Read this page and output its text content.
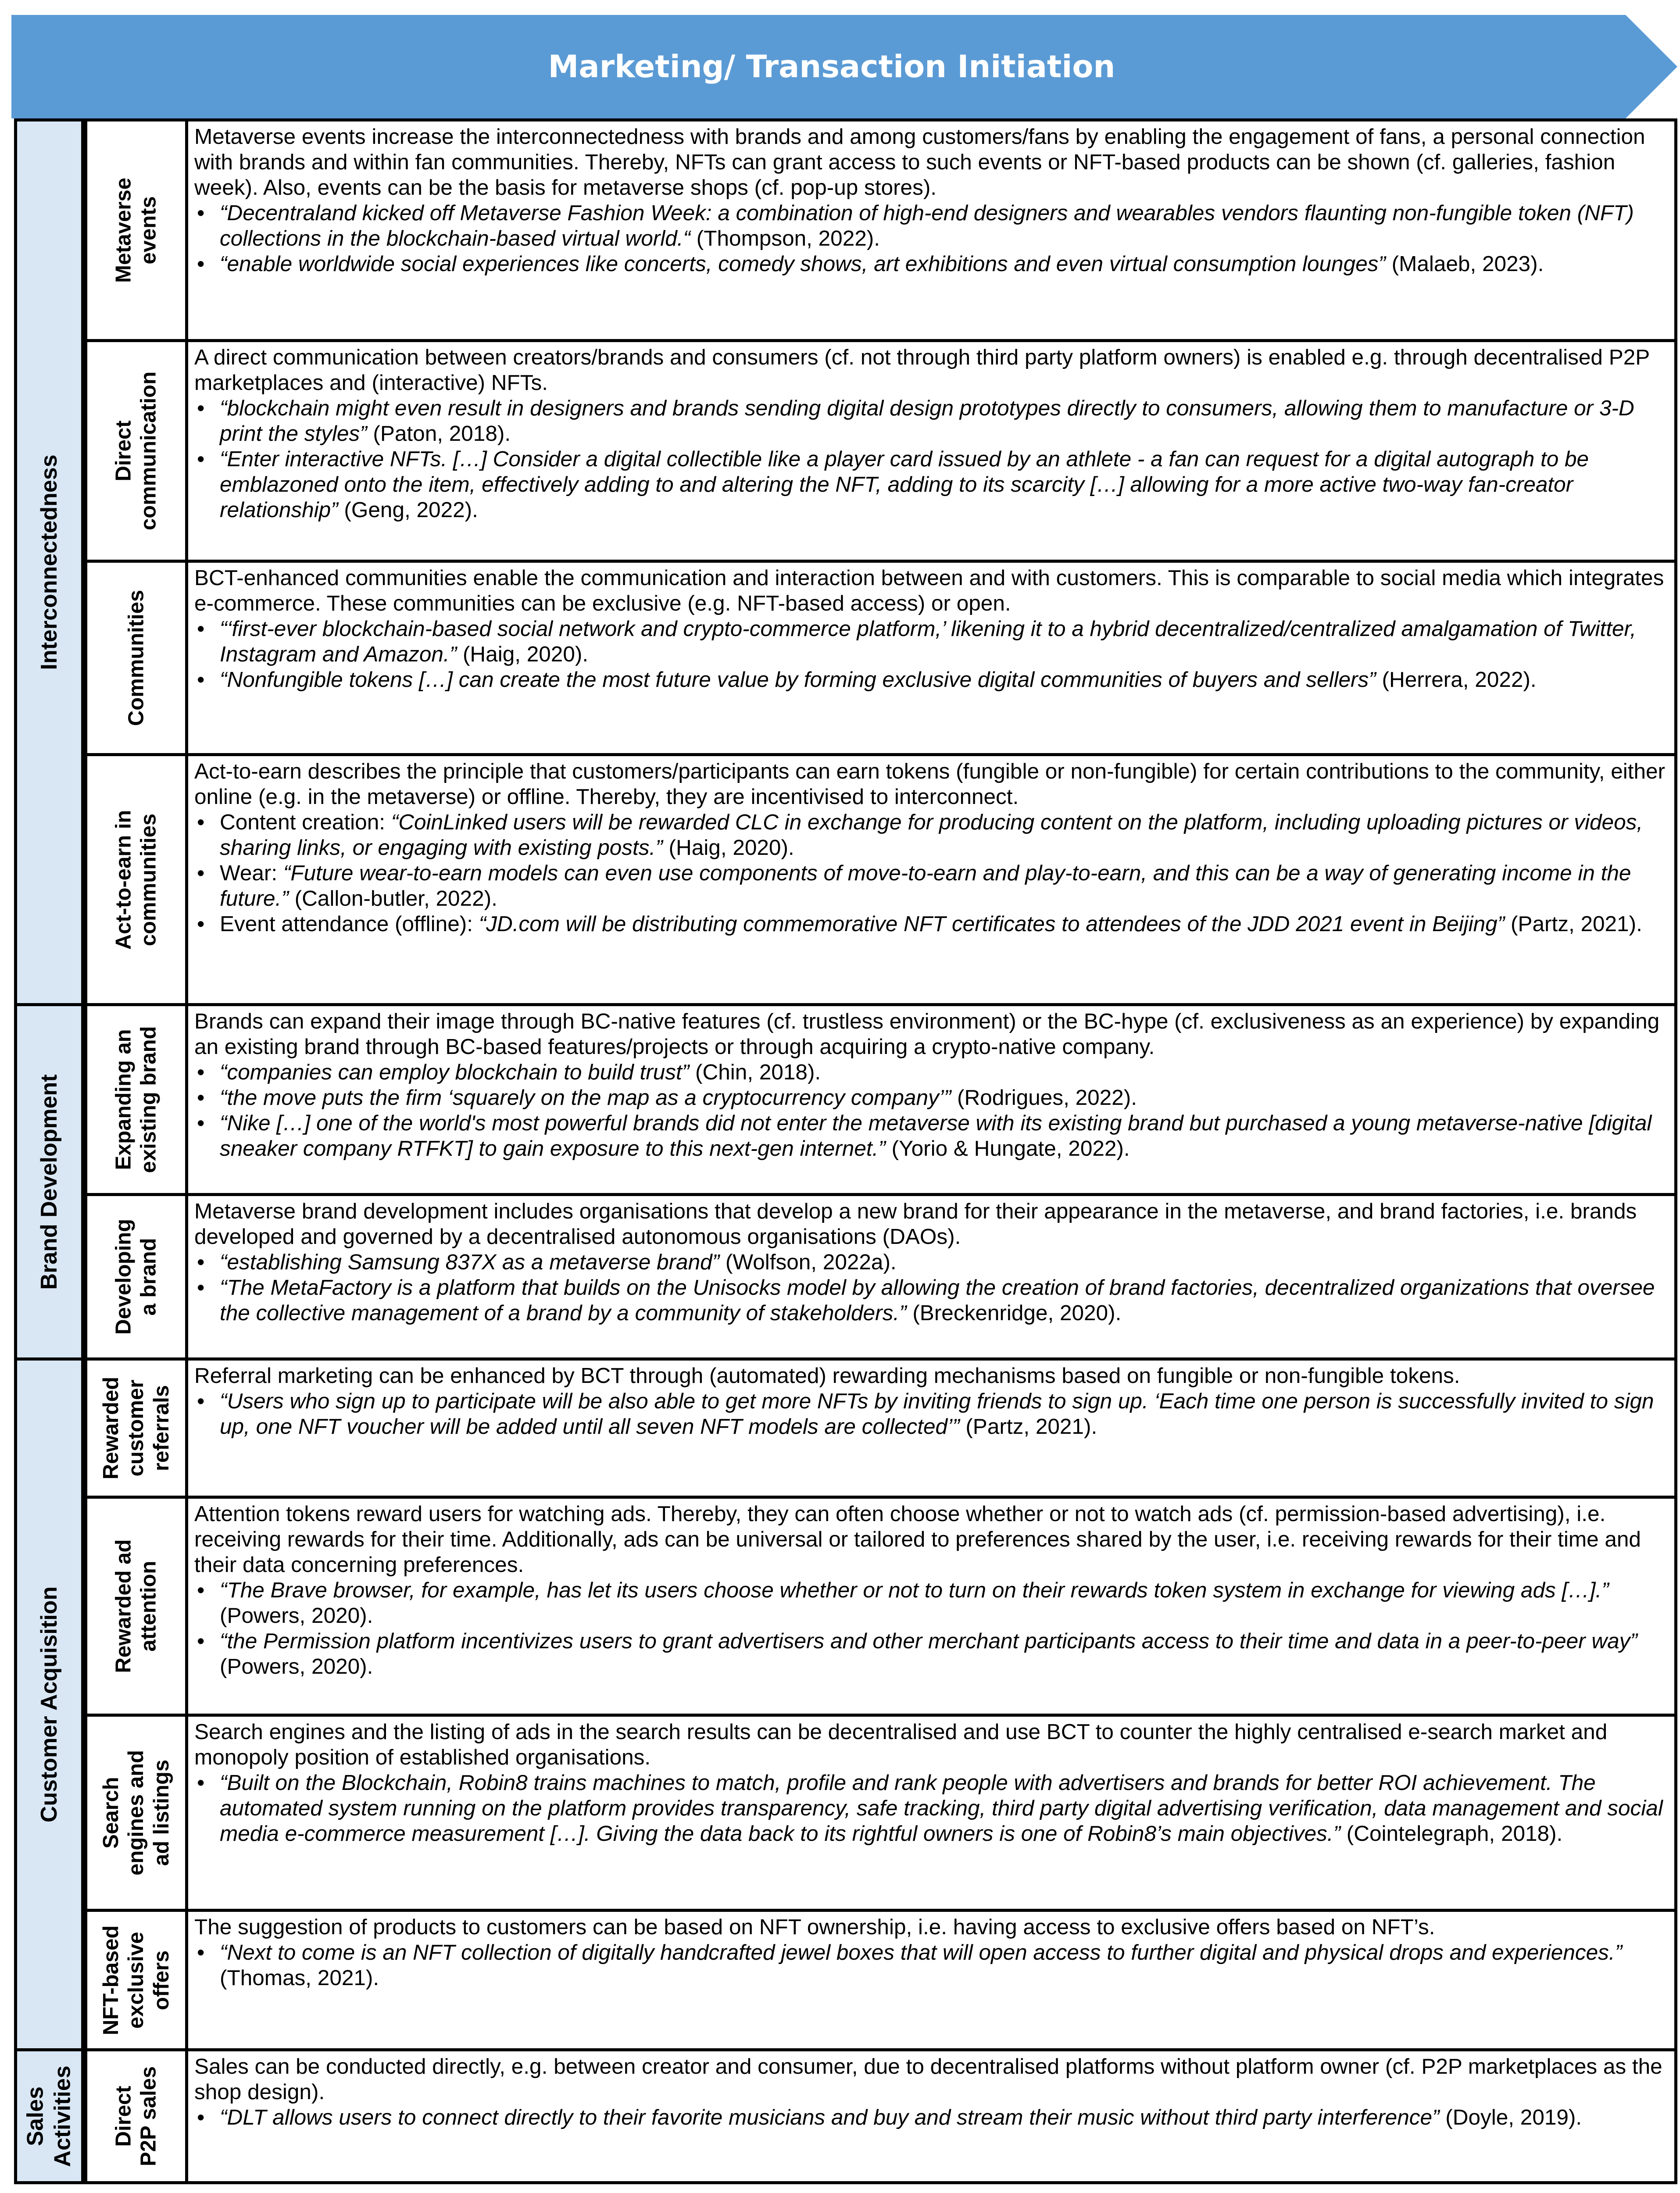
Marketing/ Transaction Initiation
Interconnectedness
Brand Development
Customer Acquisition
Sales Activities
Metaverse events

Metaverse events increase the interconnectedness with brands and among customers/fans by enabling the engagement of fans, a personal connection with brands and within fan communities. Thereby, NFTs can grant access to such events or NFT-based products can be shown (cf. galleries, fashion week). Also, events can be the basis for metaverse shops (cf. pop-up stores).

• “Decentraland kicked off Metaverse Fashion Week: a combination of high-end designers and wearables vendors flaunting non-fungible token (NFT) collections in the blockchain-based virtual world.“ (Thompson, 2022).
• “enable worldwide social experiences like concerts, comedy shows, art exhibitions and even virtual consumption lounges” (Malaeb, 2023).
Direct communication

A direct communication between creators/brands and consumers (cf. not through third party platform owners) is enabled e.g. through decentralised P2P marketplaces and (interactive) NFTs.

• “blockchain might even result in designers and brands sending digital design prototypes directly to consumers, allowing them to manufacture or 3-D print the styles” (Paton, 2018).
• “Enter interactive NFTs. […] Consider a digital collectible like a player card issued by an athlete - a fan can request for a digital autograph to be emblazoned onto the item, effectively adding to and altering the NFT, adding to its scarcity […] allowing for a more active two-way fan-creator relationship” (Geng, 2022).
Communities

BCT-enhanced communities enable the communication and interaction between and with customers. This is comparable to social media which integrates e-commerce. These communities can be exclusive (e.g. NFT-based access) or open.

• “‘first-ever blockchain-based social network and crypto-commerce platform,’ likening it to a hybrid decentralized/centralized amalgamation of Twitter, Instagram and Amazon.” (Haig, 2020).
• “Nonfungible tokens […] can create the most future value by forming exclusive digital communities of buyers and sellers” (Herrera, 2022).
Act-to-earn in communities

Act-to-earn describes the principle that customers/participants can earn tokens (fungible or non-fungible) for certain contributions to the community, either online (e.g. in the metaverse) or offline. Thereby, they are incentivised to interconnect.

• Content creation: “CoinLinked users will be rewarded CLC in exchange for producing content on the platform, including uploading pictures or videos, sharing links, or engaging with existing posts.” (Haig, 2020).
• Wear: “Future wear-to-earn models can even use components of move-to-earn and play-to-earn, and this can be a way of generating income in the future.” (Callon-butler, 2022).
• Event attendance (offline): “JD.com will be distributing commemorative NFT certificates to attendees of the JDD 2021 event in Beijing” (Partz, 2021).
Expanding an existing brand

Brands can expand their image through BC-native features (cf. trustless environment) or the BC-hype (cf. exclusiveness as an experience) by expanding an existing brand through BC-based features/projects or through acquiring a crypto-native company.

• “companies can employ blockchain to build trust” (Chin, 2018).
• “the move puts the firm ‘squarely on the map as a cryptocurrency company’” (Rodrigues, 2022).
• “Nike […] one of the world's most powerful brands did not enter the metaverse with its existing brand but purchased a young metaverse-native [digital sneaker company RTFKT] to gain exposure to this next-gen internet.” (Yorio & Hungate, 2022).
Developing a brand

Metaverse brand development includes organisations that develop a new brand for their appearance in the metaverse, and brand factories, i.e. brands developed and governed by a decentralised autonomous organisations (DAOs).

• “establishing Samsung 837X as a metaverse brand” (Wolfson, 2022a).
• “The MetaFactory is a platform that builds on the Unisocks model by allowing the creation of brand factories, decentralized organizations that oversee the collective management of a brand by a community of stakeholders.” (Breckenridge, 2020).
Rewarded customer referrals

Referral marketing can be enhanced by BCT through (automated) rewarding mechanisms based on fungible or non-fungible tokens.

• “Users who sign up to participate will be also able to get more NFTs by inviting friends to sign up. ‘Each time one person is successfully invited to sign up, one NFT voucher will be added until all seven NFT models are collected’” (Partz, 2021).
Rewarded ad attention

Attention tokens reward users for watching ads. Thereby, they can often choose whether or not to watch ads (cf. permission-based advertising), i.e. receiving rewards for their time. Additionally, ads can be universal or tailored to preferences shared by the user, i.e. receiving rewards for their time and their data concerning preferences.

• “The Brave browser, for example, has let its users choose whether or not to turn on their rewards token system in exchange for viewing ads […].” (Powers, 2020).
• “the Permission platform incentivizes users to grant advertisers and other merchant participants access to their time and data in a peer-to-peer way” (Powers, 2020).
Search engines and ad listings

Search engines and the listing of ads in the search results can be decentralised and use BCT to counter the highly centralised e-search market and monopoly position of established organisations.

• “Built on the Blockchain, Robin8 trains machines to match, profile and rank people with advertisers and brands for better ROI achievement. The automated system running on the platform provides transparency, safe tracking, third party digital advertising verification, data management and social media e-commerce measurement […]. Giving the data back to its rightful owners is one of Robin8’s main objectives.” (Cointelegraph, 2018).
NFT-based exclusive offers

The suggestion of products to customers can be based on NFT ownership, i.e. having access to exclusive offers based on NFT’s.

• “Next to come is an NFT collection of digitally handcrafted jewel boxes that will open access to further digital and physical drops and experiences.” (Thomas, 2021).
Direct P2P sales Sales can be conducted directly, e.g. between creator and consumer, due to decentralised platforms without platform owner (cf. P2P marketplaces as the shop design).

• “DLT allows users to connect directly to their favorite musicians and buy and stream their music without third party interference” (Doyle, 2019).
